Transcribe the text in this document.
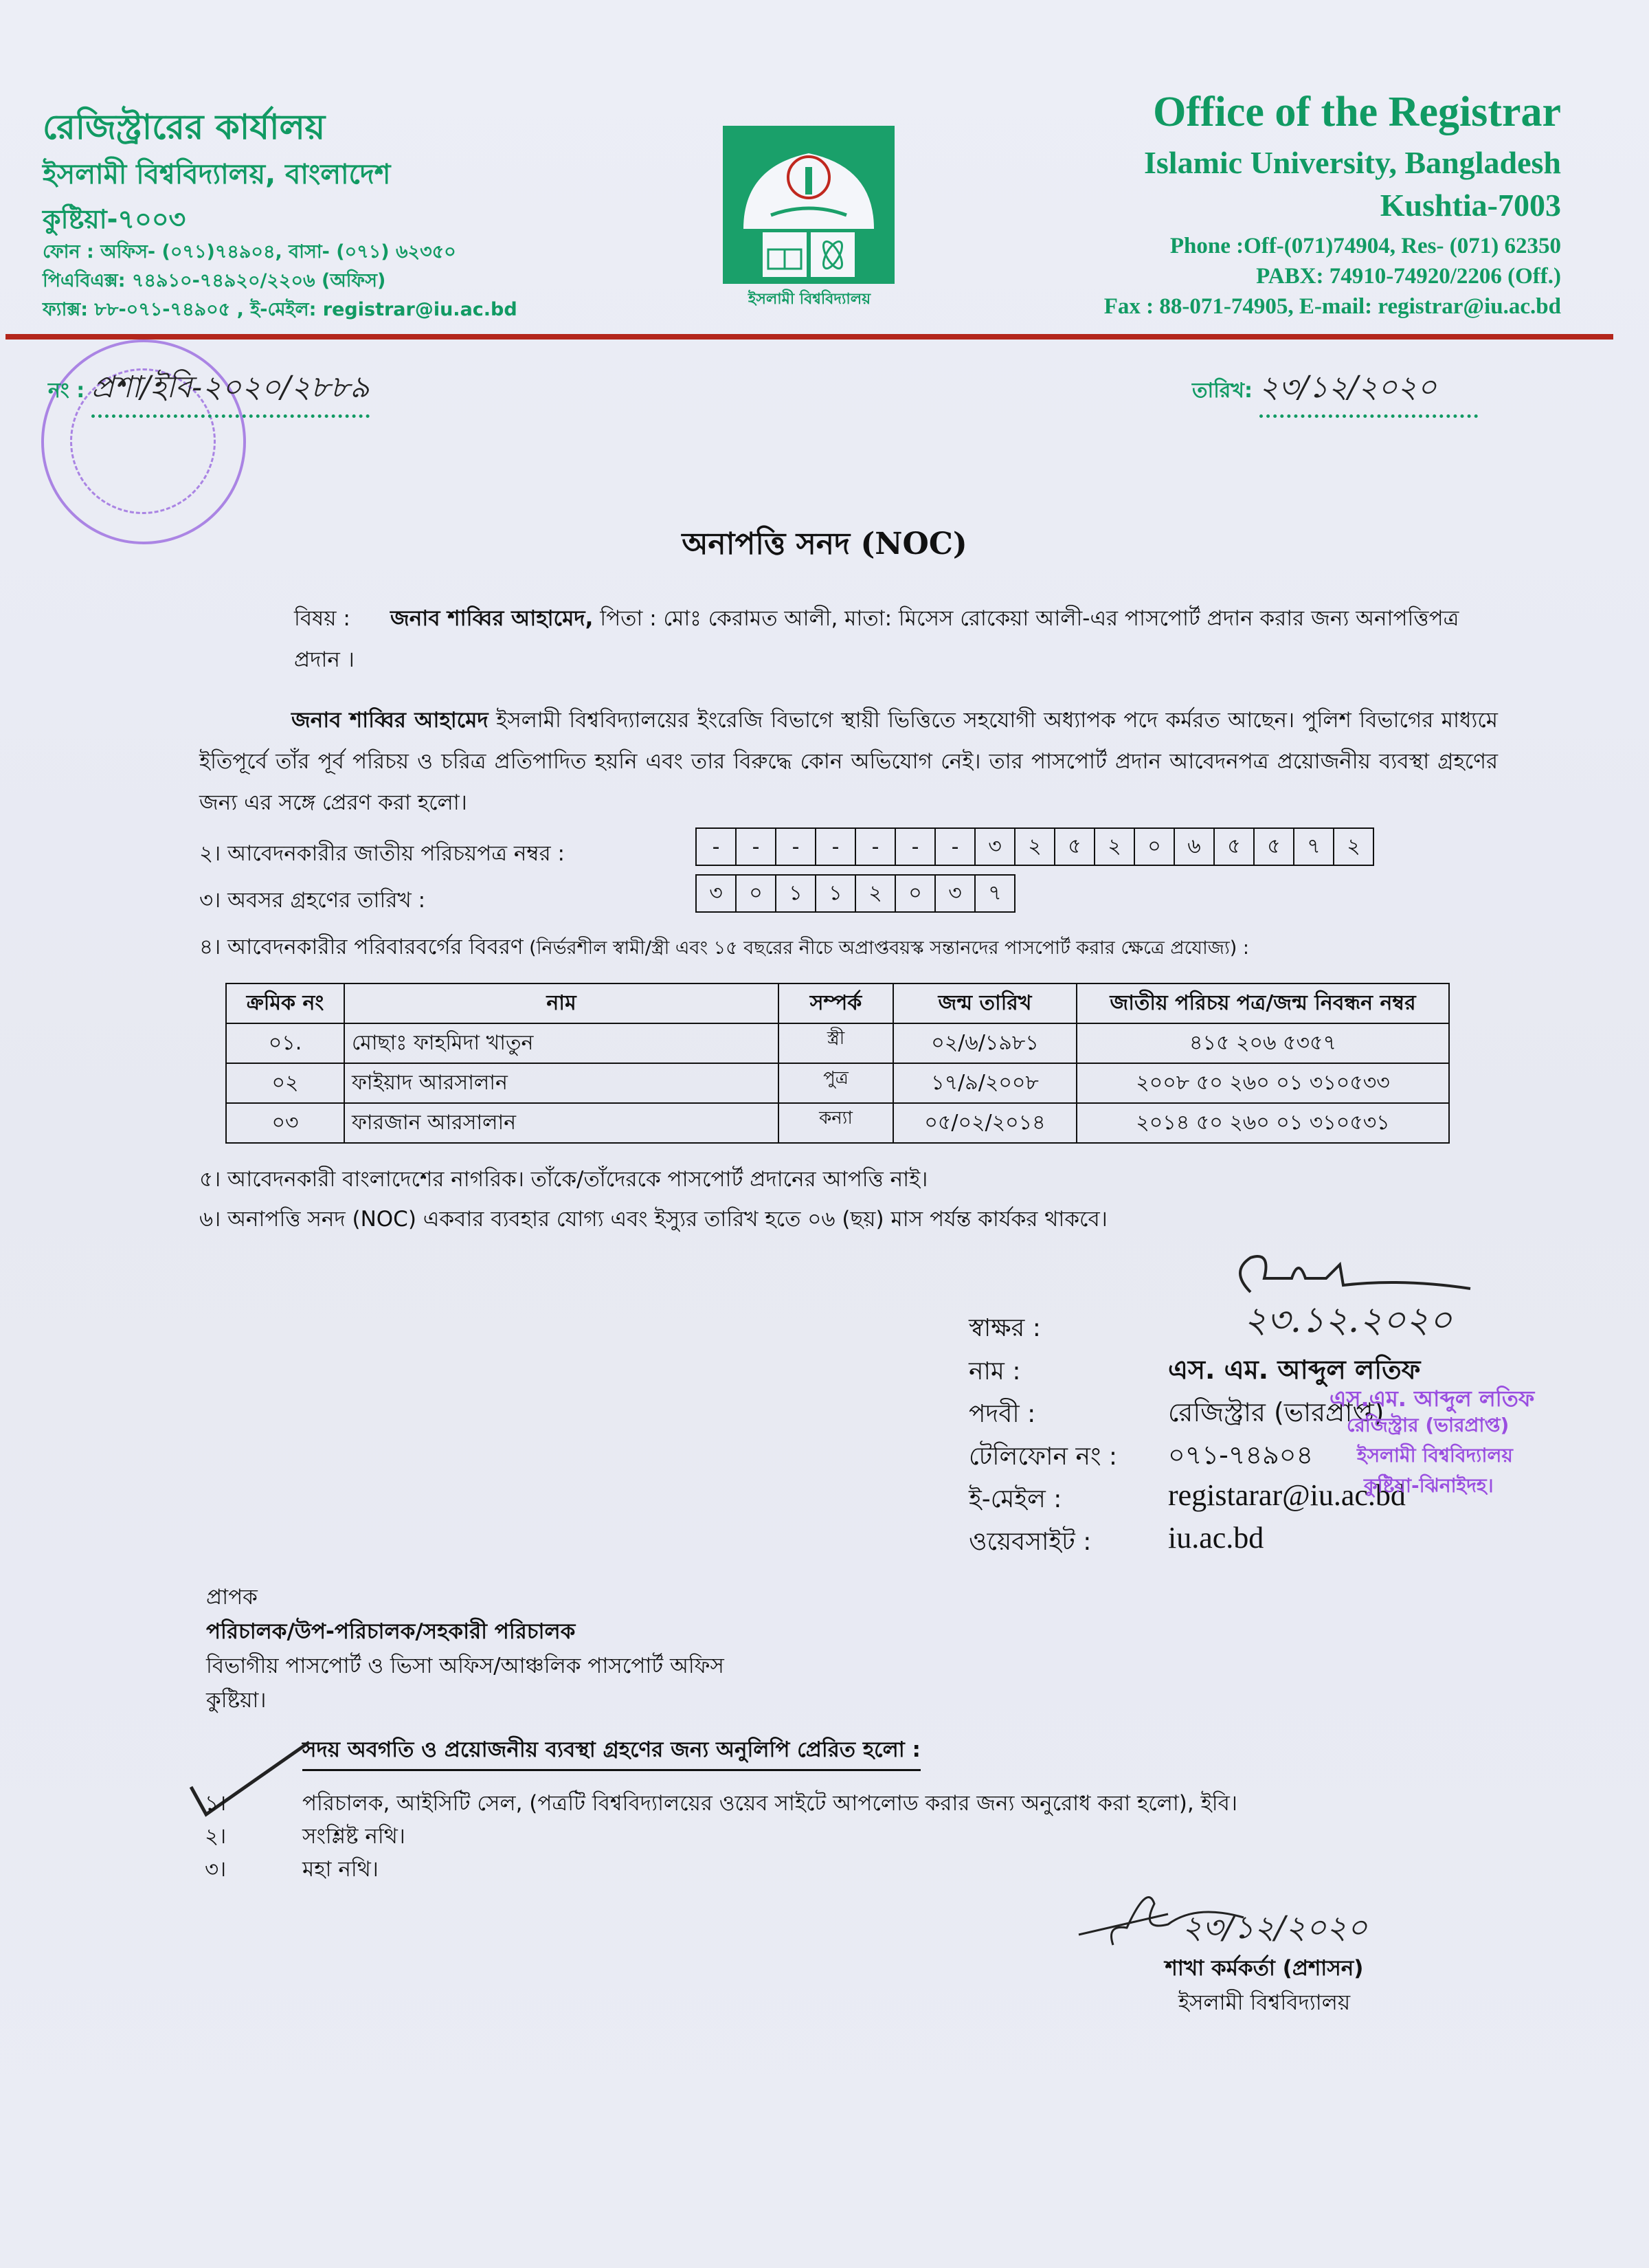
রেজিস্ট্রারের কার্যালয়
ইসলামী বিশ্ববিদ্যালয়, বাংলাদেশ
কুষ্টিয়া-৭০০৩
ফোন : অফিস- (০৭১)৭৪৯০৪, বাসা- (০৭১) ৬২৩৫০
পিএবিএক্স: ৭৪৯১০-৭৪৯২০/২২০৬ (অফিস)
ফ্যাক্স: ৮৮-০৭১-৭৪৯০৫ , ই-মেইল: registrar@iu.ac.bd	ইসলামী বিশ্ববিদ্যালয়
Office of the Registrar
Islamic University, Bangladesh
Kushtia-7003
Phone :Off-(071)74904, Res- (071) 62350
PABX: 74910-74920/2206 (Off.)
Fax : 88-071-74905, E-mail: registrar@iu.ac.bd
নং : প্রশা/ইবি-২০২০/২৮৮৯	তারিখ: ২৩/১২/২০২০
অনাপত্তি সনদ (NOC)
বিষয় : জনাব শাব্বির আহামেদ, পিতা : মোঃ কেরামত আলী, মাতা: মিসেস রোকেয়া আলী-এর পাসপোর্ট প্রদান করার জন্য অনাপত্তিপত্র প্রদান ।
জনাব শাব্বির আহামেদ ইসলামী বিশ্ববিদ্যালয়ের ইংরেজি বিভাগে স্থায়ী ভিত্তিতে সহযোগী অধ্যাপক পদে কর্মরত আছেন। পুলিশ বিভাগের মাধ্যমে ইতিপূর্বে তাঁর পূর্ব পরিচয় ও চরিত্র প্রতিপাদিত হয়নি এবং তার বিরুদ্ধে কোন অভিযোগ নেই। তার পাসপোর্ট প্রদান আবেদনপত্র প্রয়োজনীয় ব্যবস্থা গ্রহণের জন্য এর সঙ্গে প্রেরণ করা হলো।
২। আবেদনকারীর জাতীয় পরিচয়পত্র নম্বর :	-	-	-	-	-	-	-	৩	২	৫	২	০	৬	৫	৫	৭	২
৩। অবসর গ্রহণের তারিখ :	৩	০	১	১	২	০	৩	৭
৪। আবেদনকারীর পরিবারবর্গের বিবরণ (নির্ভরশীল স্বামী/স্ত্রী এবং ১৫ বছরের নীচে অপ্রাপ্তবয়স্ক সন্তানদের পাসপোর্ট করার ক্ষেত্রে প্রযোজ্য) :
ক্রমিক নং	নাম	সম্পর্ক	জন্ম তারিখ	জাতীয় পরিচয় পত্র/জন্ম নিবন্ধন নম্বর
০১.	মোছাঃ ফাহমিদা খাতুন	স্ত্রী	০২/৬/১৯৮১	৪১৫ ২০৬ ৫৩৫৭
০২	ফাইয়াদ আরসালান	পুত্র	১৭/৯/২০০৮	২০০৮ ৫০ ২৬০ ০১ ৩১০৫৩৩
০৩	ফারজান আরসালান	কন্যা	০৫/০২/২০১৪	২০১৪ ৫০ ২৬০ ০১ ৩১০৫৩১
৫। আবেদনকারী বাংলাদেশের নাগরিক। তাঁকে/তাঁদেরকে পাসপোর্ট প্রদানের আপত্তি নাই।
৬। অনাপত্তি সনদ (NOC) একবার ব্যবহার যোগ্য এবং ইস্যুর তারিখ হতে ০৬ (ছয়) মাস পর্যন্ত কার্যকর থাকবে।
২৩.১২.২০২০
স্বাক্ষর :
নাম :	এস. এম. আব্দুল লতিফ
পদবী :	রেজিস্ট্রার (ভারপ্রাপ্ত)
টেলিফোন নং : ০৭১-৭৪৯০৪
ই-মেইল :	registarar@iu.ac.bd
ওয়েবসাইট :	iu.ac.bd
এস.এম. আব্দুল লতিফ
রেজিস্ট্রার (ভারপ্রাপ্ত)
ইসলামী বিশ্ববিদ্যালয়
কুষ্টিয়া-ঝিনাইদহ।
প্রাপক
পরিচালক/উপ-পরিচালক/সহকারী পরিচালক
বিভাগীয় পাসপোর্ট ও ভিসা অফিস/আঞ্চলিক পাসপোর্ট অফিস
কুষ্টিয়া।
সদয় অবগতি ও প্রয়োজনীয় ব্যবস্থা গ্রহণের জন্য অনুলিপি প্রেরিত হলো :
১।	পরিচালক, আইসিটি সেল, (পত্রটি বিশ্ববিদ্যালয়ের ওয়েব সাইটে আপলোড করার জন্য অনুরোধ করা হলো), ইবি।
২।	সংশ্লিষ্ট নথি।
৩।	মহা নথি।
২৩/১২/২০২০
শাখা কর্মকর্তা (প্রশাসন)
ইসলামী বিশ্ববিদ্যালয়
